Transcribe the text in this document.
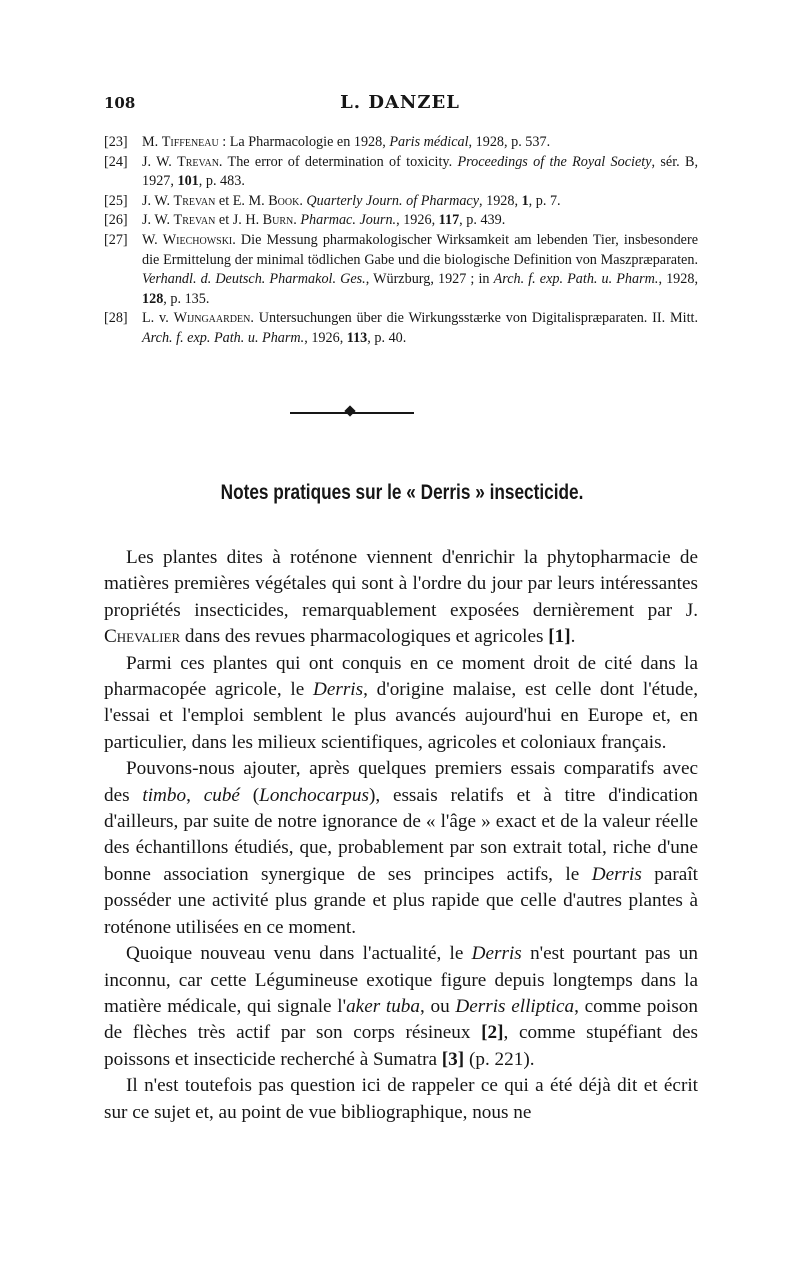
108	L. DANZEL
[23] M. Tiffeneau : La Pharmacologie en 1928, Paris médical, 1928, p. 537.
[24] J. W. Trevan. The error of determination of toxicity. Proceedings of the Royal Society, sér. B, 1927, 101, p. 483.
[25] J. W. Trevan et E. M. Book. Quarterly Journ. of Pharmacy, 1928, 1, p. 7.
[26] J. W. Trevan et J. H. Burn. Pharmac. Journ., 1926, 117, p. 439.
[27] W. Wiechowski. Die Messung pharmakologischer Wirksamkeit am lebenden Tier, insbesondere die Ermittelung der minimal tödlichen Gabe und die biologische Definition von Maszpræparaten. Verhandl. d. Deutsch. Pharmakol. Ges., Würzburg, 1927 ; in Arch. f. exp. Path. u. Pharm., 1928, 128, p. 135.
[28] L. v. Wijngaarden. Untersuchungen über die Wirkungsstærke von Digitalispræparaten. II. Mitt. Arch. f. exp. Path. u. Pharm., 1926, 113, p. 40.
Notes pratiques sur le « Derris » insecticide.

Les plantes dites à roténone viennent d'enrichir la phytopharmacie de matières premières végétales qui sont à l'ordre du jour par leurs intéressantes propriétés insecticides, remarquablement exposées dernièrement par J. Chevalier dans des revues pharmacologiques et agricoles [1].

Parmi ces plantes qui ont conquis en ce moment droit de cité dans la pharmacopée agricole, le Derris, d'origine malaise, est celle dont l'étude, l'essai et l'emploi semblent le plus avancés aujourd'hui en Europe et, en particulier, dans les milieux scientifiques, agricoles et coloniaux français.

Pouvons-nous ajouter, après quelques premiers essais comparatifs avec des timbo, cubé (Lonchocarpus), essais relatifs et à titre d'indication d'ailleurs, par suite de notre ignorance de « l'âge » exact et de la valeur réelle des échantillons étudiés, que, probablement par son extrait total, riche d'une bonne association synergique de ses principes actifs, le Derris paraît posséder une activité plus grande et plus rapide que celle d'autres plantes à roténone utilisées en ce moment.

Quoique nouveau venu dans l'actualité, le Derris n'est pourtant pas un inconnu, car cette Légumineuse exotique figure depuis longtemps dans la matière médicale, qui signale l'aker tuba, ou Derris elliptica, comme poison de flèches très actif par son corps résineux [2], comme stupéfiant des poissons et insecticide recherché à Sumatra [3] (p. 221).

Il n'est toutefois pas question ici de rappeler ce qui a été déjà dit et écrit sur ce sujet et, au point de vue bibliographique, nous ne
